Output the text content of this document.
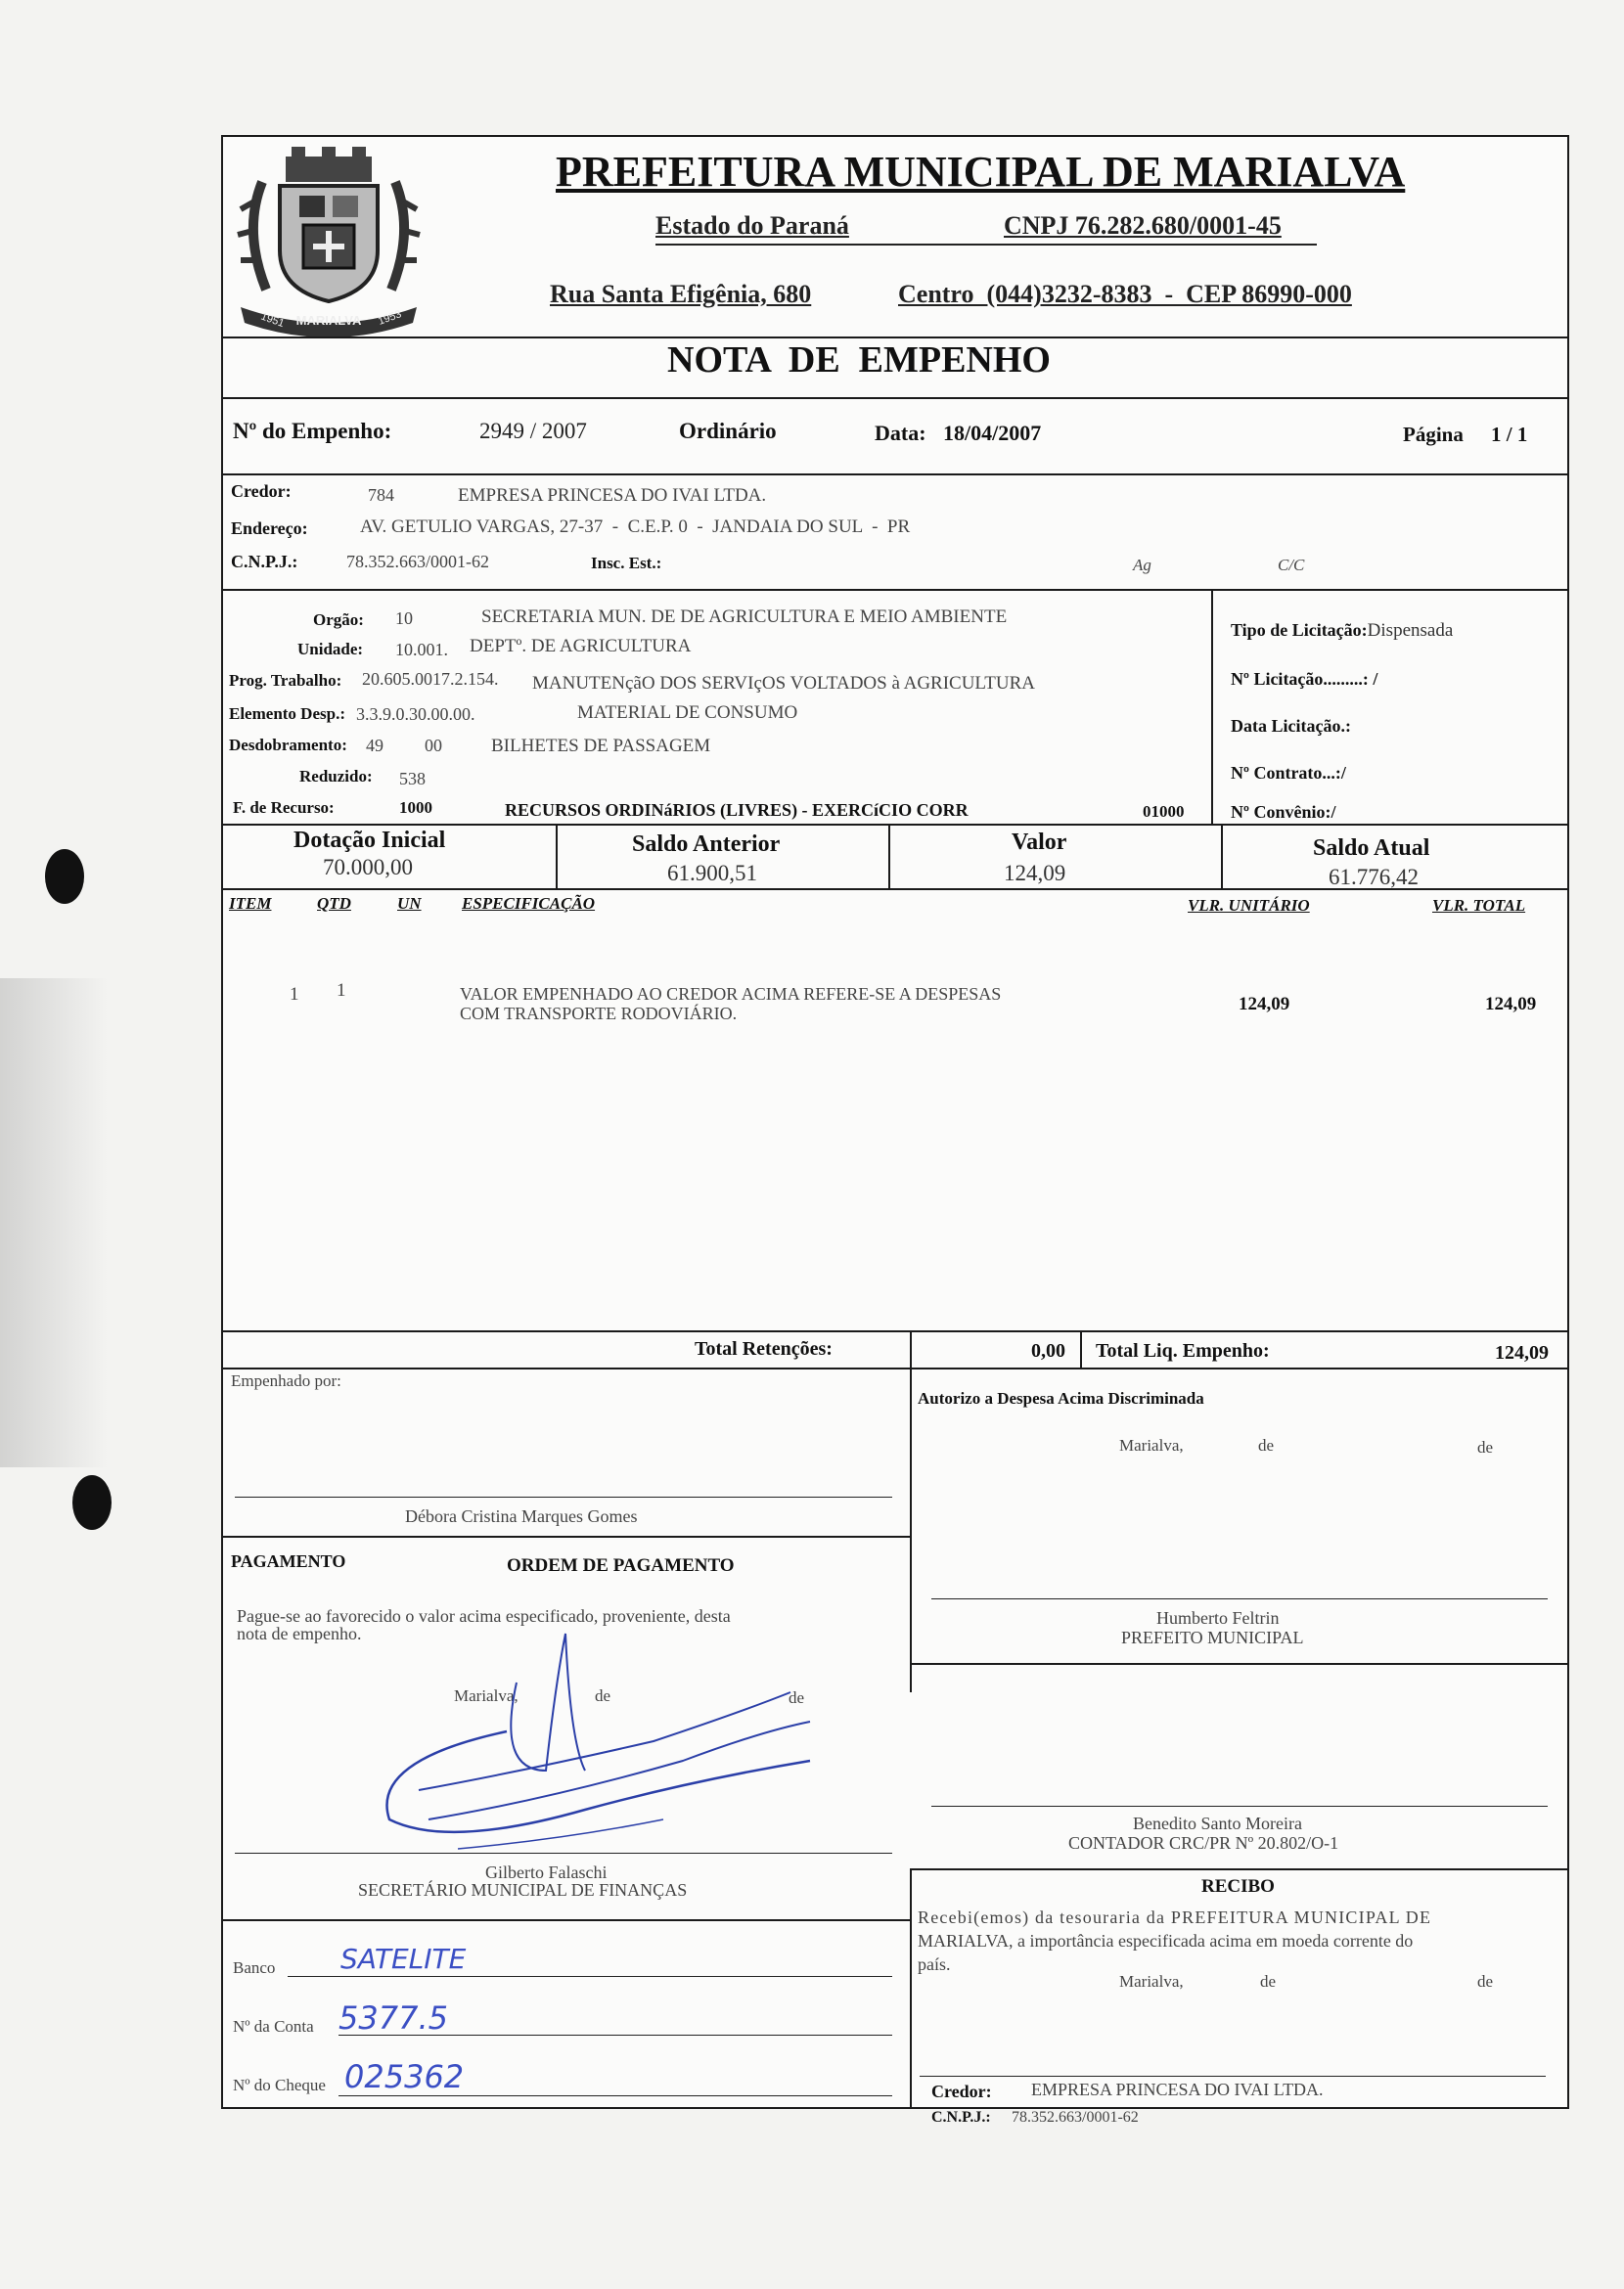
MARIALVA
1951	1953
PREFEITURA MUNICIPAL DE MARIALVA
Estado do Paraná	CNPJ 76.282.680/0001-45
Rua Santa Efigênia, 680	Centro  (044)3232-8383  -  CEP 86990-000
NOTA  DE  EMPENHO
Nº do Empenho:	2949 / 2007	Ordinário	Data: 18/04/2007	Página 1 / 1
Credor:	784	EMPRESA PRINCESA DO IVAI LTDA.
Endereço:	AV. GETULIO VARGAS, 27-37  -  C.E.P. 0  -  JANDAIA DO SUL  -  PR
C.N.P.J.:	78.352.663/0001-62	Insc. Est.:	Ag	C/C
Orgão: 10	SECRETARIA MUN. DE DE AGRICULTURA E MEIO AMBIENTE
Unidade: 10.001. DEPTº. DE AGRICULTURA
Prog. Trabalho: 20.605.0017.2.154. MANUTENçãO DOS SERVIçOS VOLTADOS à AGRICULTURA
Elemento Desp.: 3.3.9.0.30.00.00.	MATERIAL DE CONSUMO
Desdobramento: 49 00	BILHETES DE PASSAGEM
Reduzido: 538
F. de Recurso:	1000	RECURSOS ORDINáRIOS (LIVRES) - EXERCíCIO CORR	01000
Tipo de Licitação:Dispensada
Nº Licitação.........: /
Data Licitação.:
Nº Contrato...:/
Nº Convênio:/
Dotação Inicial
70.000,00
Saldo Anterior
61.900,51
Valor
124,09
Saldo Atual
61.776,42
ITEM	QTD	UN ESPECIFICAÇÃO	VLR. UNITÁRIO	VLR. TOTAL
1 1	VALOR EMPENHADO AO CREDOR ACIMA REFERE-SE A DESPESAS
COM TRANSPORTE RODOVIÁRIO.	124,09	124,09
Total Retenções:	0,00 Total Liq. Empenho:	124,09
Empenhado por:
Débora Cristina Marques Gomes
Autorizo a Despesa Acima Discriminada
Marialva,	de	de
Humberto Feltrin
PREFEITO MUNICIPAL
Benedito Santo Moreira
CONTADOR CRC/PR Nº 20.802/O-1
PAGAMENTO	ORDEM DE PAGAMENTO
Pague-se ao favorecido o valor acima especificado, proveniente, desta
nota de empenho.
Marialva,	de	de
Gilberto Falaschi
SECRETÁRIO MUNICIPAL DE FINANÇAS
Banco SATELITE
Nº da Conta 5377.5
Nº do Cheque 025362
RECIBO
Recebi(emos) da tesouraria da PREFEITURA MUNICIPAL DE
MARIALVA, a importância especificada acima em moeda corrente do
país.
Marialva,	de	de
Credor: EMPRESA PRINCESA DO IVAI LTDA.
C.N.P.J.: 78.352.663/0001-62
